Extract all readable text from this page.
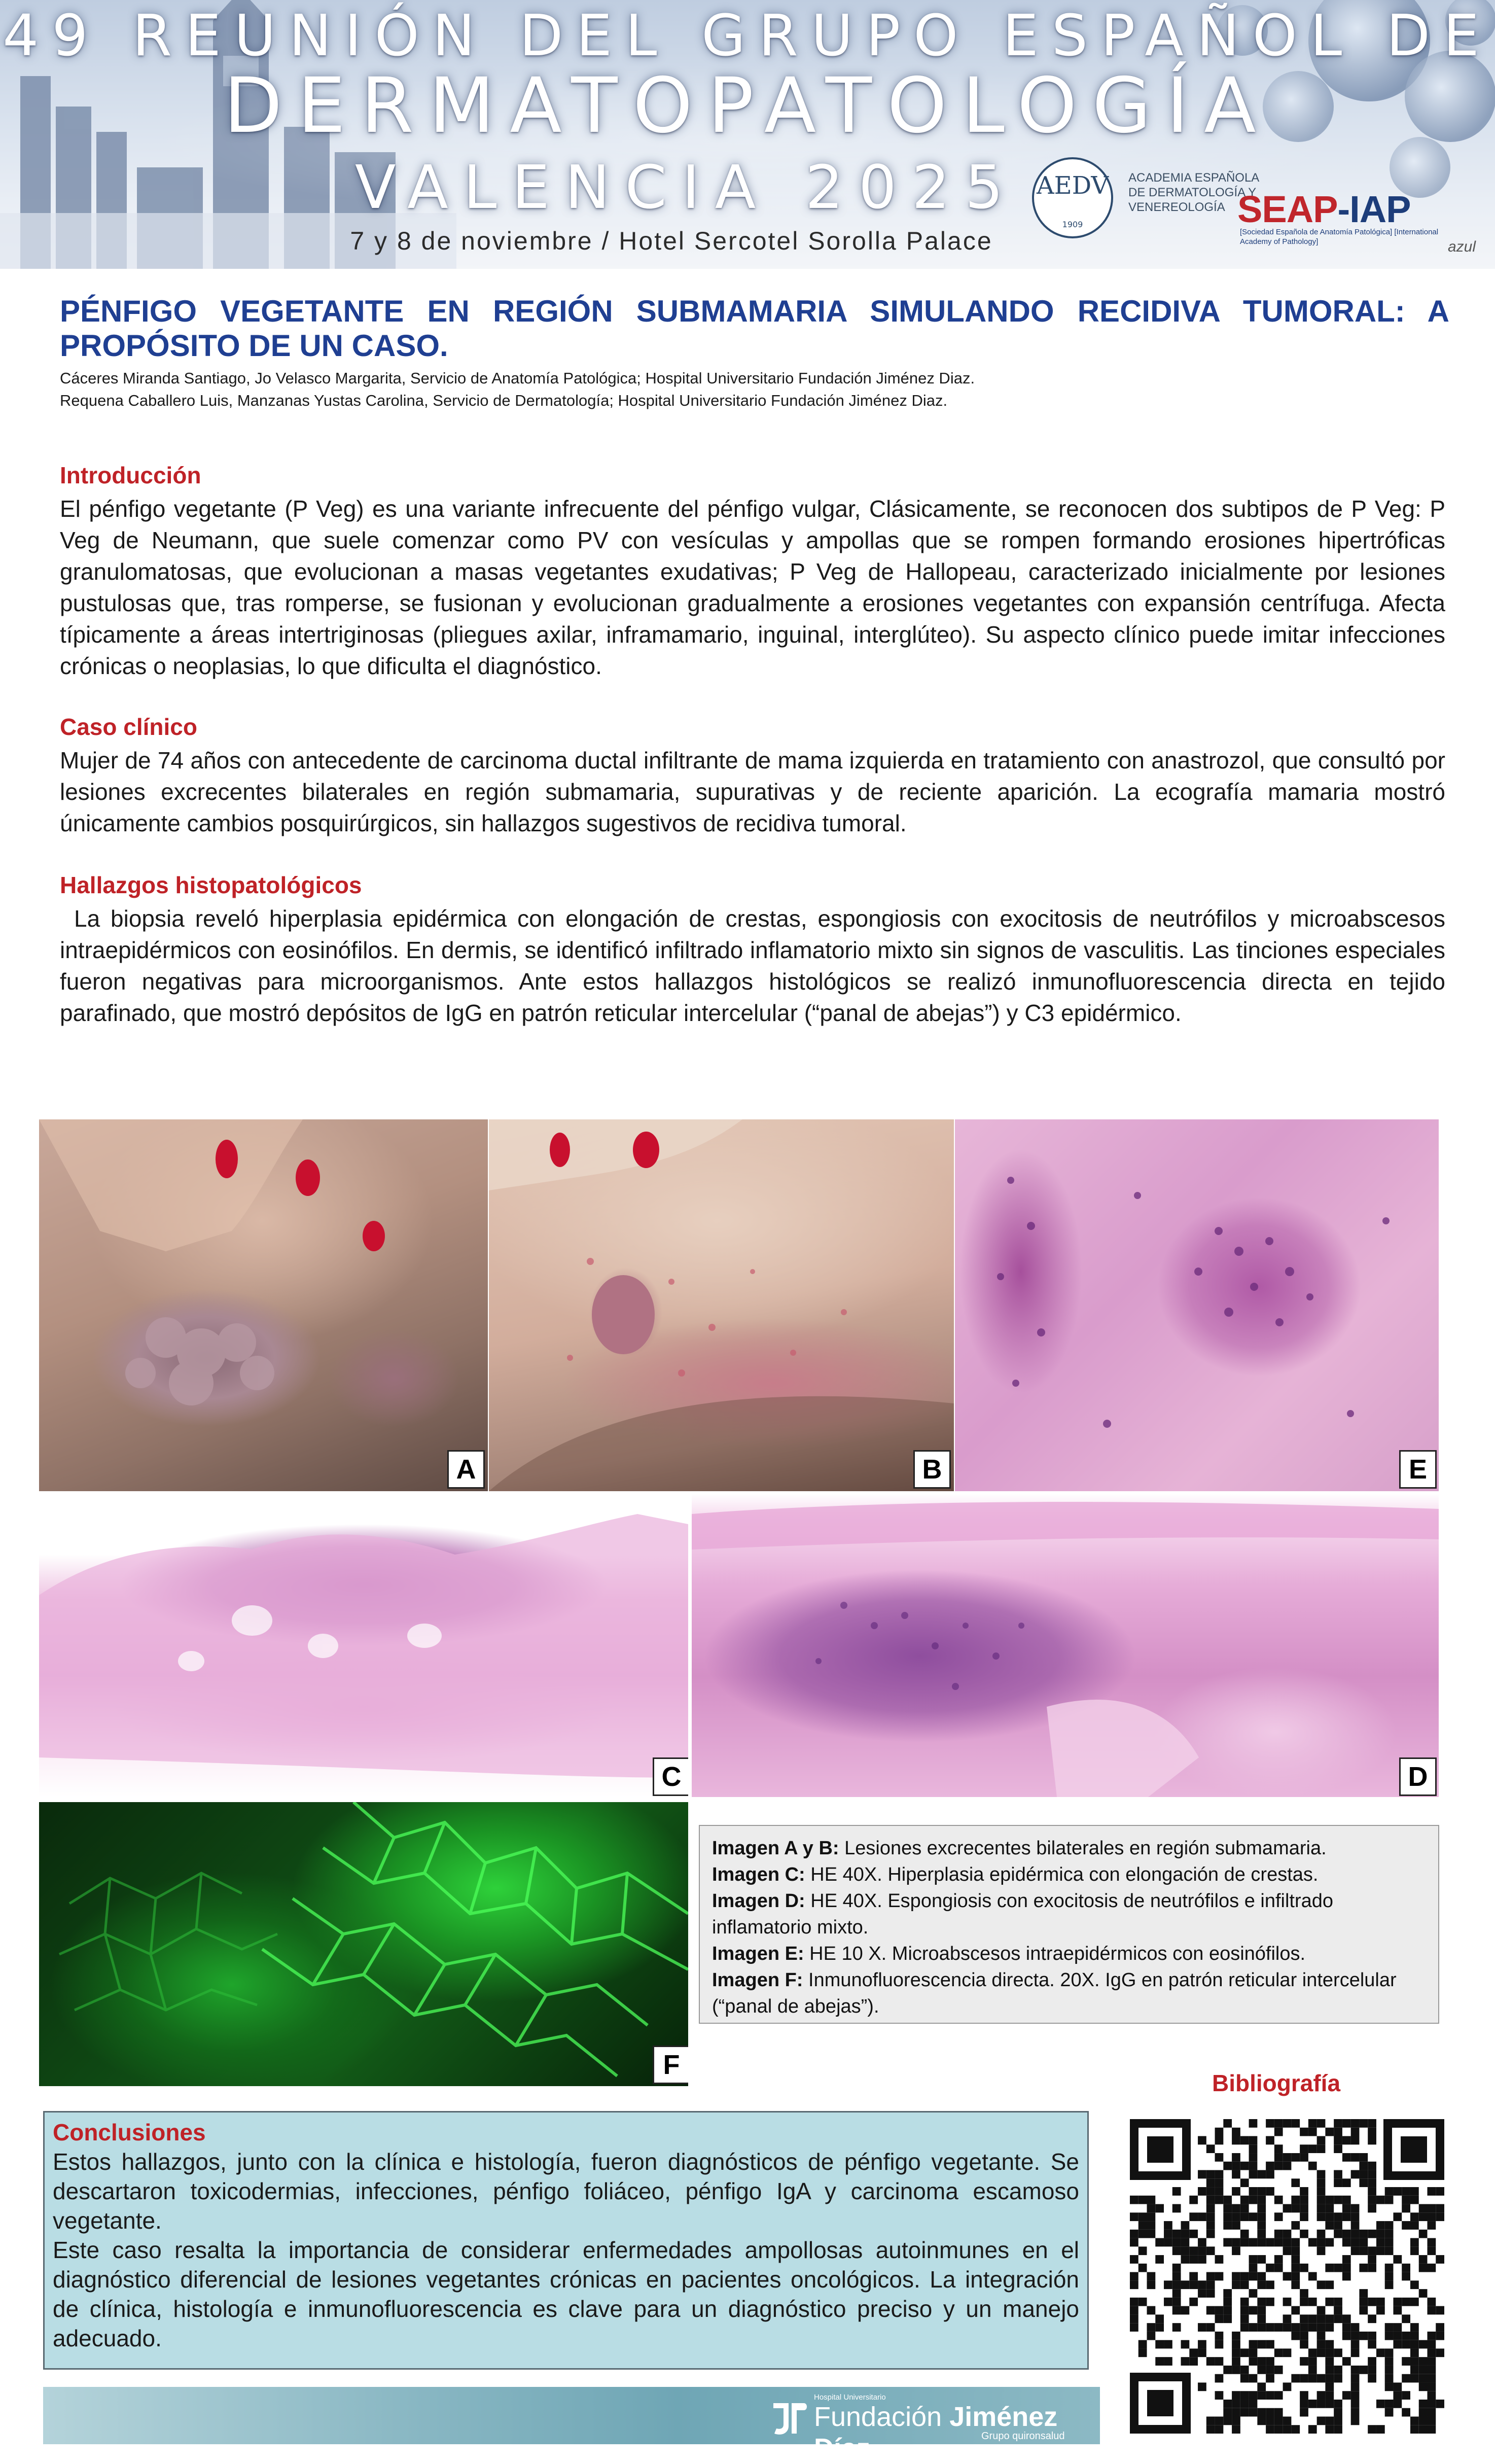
49 REUNIÓN DEL GRUPO ESPAÑOL DE
DERMATOPATOLOGÍA
VALENCIA 2025
7 y 8 de noviembre / Hotel Sercotel Sorolla Palace
AEDV
1909
ACADEMIA ESPAÑOLA DE DERMATOLOGÍA Y VENEREOLOGÍA SEAP-IAP
[Sociedad Española de Anatomía Patológica] [International Academy of Pathology]	azul
PÉNFIGO VEGETANTE EN REGIÓN SUBMAMARIA SIMULANDO RECIDIVA TUMORAL: A PROPÓSITO DE UN CASO.
Cáceres Miranda Santiago, Jo Velasco Margarita, Servicio de Anatomía Patológica; Hospital Universitario Fundación Jiménez Diaz.
Requena Caballero Luis, Manzanas Yustas Carolina, Servicio de Dermatología; Hospital Universitario Fundación Jiménez Diaz.
Introducción
El pénfigo vegetante (P Veg) es una variante infrecuente del pénfigo vulgar, Clásicamente, se reconocen dos subtipos de P Veg: P Veg de Neumann, que suele comenzar como PV con vesículas y ampollas que se rompen formando erosiones hipertróficas granulomatosas, que evolucionan a masas vegetantes exudativas; P Veg de Hallopeau, caracterizado inicialmente por lesiones pustulosas que, tras romperse, se fusionan y evolucionan gradualmente a erosiones vegetantes con expansión centrífuga. Afecta típicamente a áreas intertriginosas (pliegues axilar, inframamario, inguinal, interglúteo). Su aspecto clínico puede imitar infecciones crónicas o neoplasias, lo que dificulta el diagnóstico.
Caso clínico
Mujer de 74 años con antecedente de carcinoma ductal infiltrante de mama izquierda en tratamiento con anastrozol, que consultó por lesiones excrecentes bilaterales en región submamaria, supurativas y de reciente aparición. La ecografía mamaria mostró únicamente cambios posquirúrgicos, sin hallazgos sugestivos de recidiva tumoral.
Hallazgos histopatológicos
La biopsia reveló hiperplasia epidérmica con elongación de crestas, espongiosis con exocitosis de neutrófilos y microabscesos intraepidérmicos con eosinófilos. En dermis, se identificó infiltrado inflamatorio mixto sin signos de vasculitis. Las tinciones especiales fueron negativas para microorganismos. Ante estos hallazgos histológicos se realizó inmunofluorescencia directa en tejido parafinado, que mostró depósitos de IgG en patrón reticular intercelular (“panal de abejas”) y C3 epidérmico.
A	B	E
C	D
F
Imagen A y B: Lesiones excrecentes bilaterales en región submamaria.
Imagen C: HE 40X. Hiperplasia epidérmica con elongación de crestas.
Imagen D: HE 40X. Espongiosis con exocitosis de neutrófilos e infiltrado inflamatorio mixto.
Imagen E: HE 10 X. Microabscesos intraepidérmicos con eosinófilos.
Imagen F: Inmunofluorescencia directa. 20X. IgG en patrón reticular intercelular (“panal de abejas”).
Conclusiones
Estos hallazgos, junto con la clínica e histología, fueron diagnósticos de pénfigo vegetante. Se descartaron toxicodermias, infecciones, pénfigo foliáceo, pénfigo IgA y carcinoma escamoso vegetante.
Este caso resalta la importancia de considerar enfermedades ampollosas autoinmunes en el diagnóstico diferencial de lesiones vegetantes crónicas en pacientes oncológicos. La integración de clínica, histología e inmunofluorescencia es clave para un diagnóstico preciso y un manejo adecuado.
Bibliografía
Hospital Universitario
Fundación Jiménez Díaz	Grupo quironsalud
